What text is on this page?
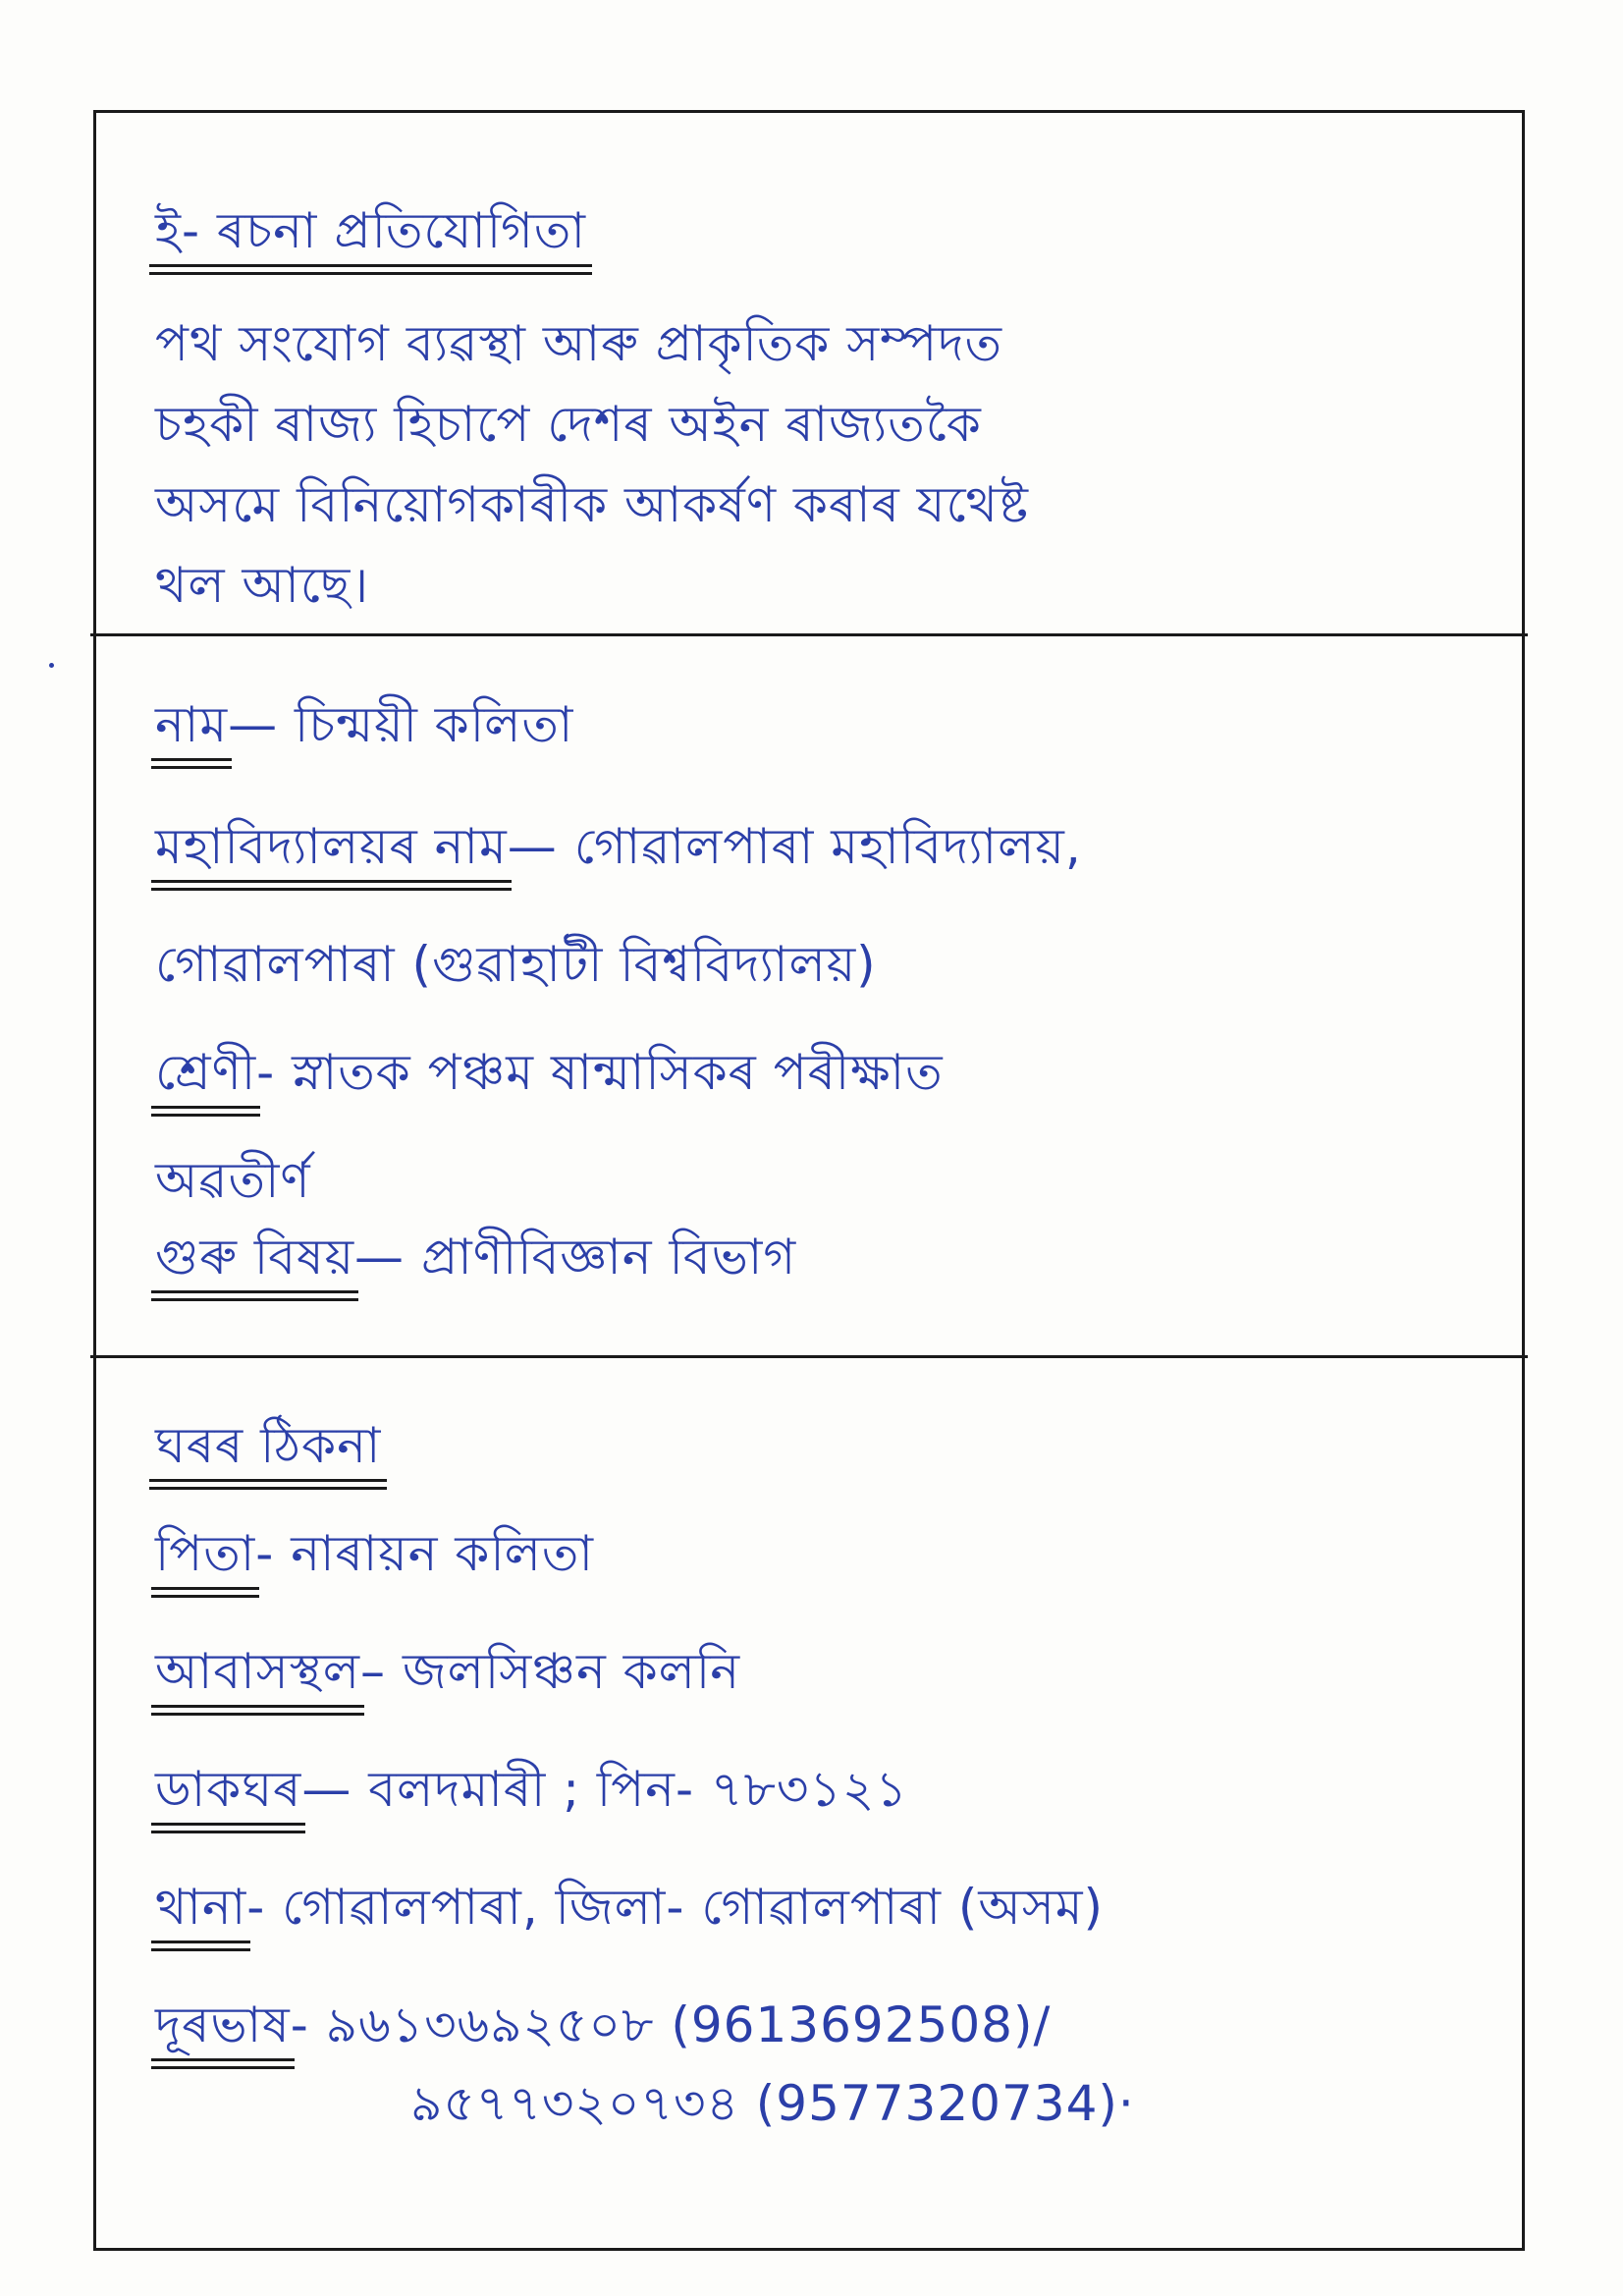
ই- ৰচনা প্ৰতিযোগিতা
পথ সংযোগ ব্যৱস্থা আৰু প্ৰাকৃতিক সম্পদত
চহকী ৰাজ্য হিচাপে দেশৰ অইন ৰাজ্যতকৈ
অসমে বিনিয়োগকাৰীক আকৰ্ষণ কৰাৰ যথেষ্ট
থল আছে।
নাম— চিন্ময়ী কলিতা
মহাবিদ্যালয়ৰ নাম— গোৱালপাৰা মহাবিদ্যালয়,
গোৱালপাৰা (গুৱাহাটী বিশ্ববিদ্যালয়)
শ্ৰেণী- স্নাতক পঞ্চম ষান্মাসিকৰ পৰীক্ষাত
অৱতীৰ্ণ
গুৰু বিষয়— প্ৰাণীবিজ্ঞান বিভাগ
ঘৰৰ ঠিকনা
পিতা- নাৰায়ন কলিতা
আবাসস্থল– জলসিঞ্চন কলনি
ডাকঘৰ— বলদমাৰী ; পিন- ৭৮৩১২১
থানা- গোৱালপাৰা, জিলা- গোৱালপাৰা (অসম)
দূৰভাষ- ৯৬১৩৬৯২৫০৮ (9613692508)/
৯৫৭৭৩২০৭৩৪ (9577320734)·
